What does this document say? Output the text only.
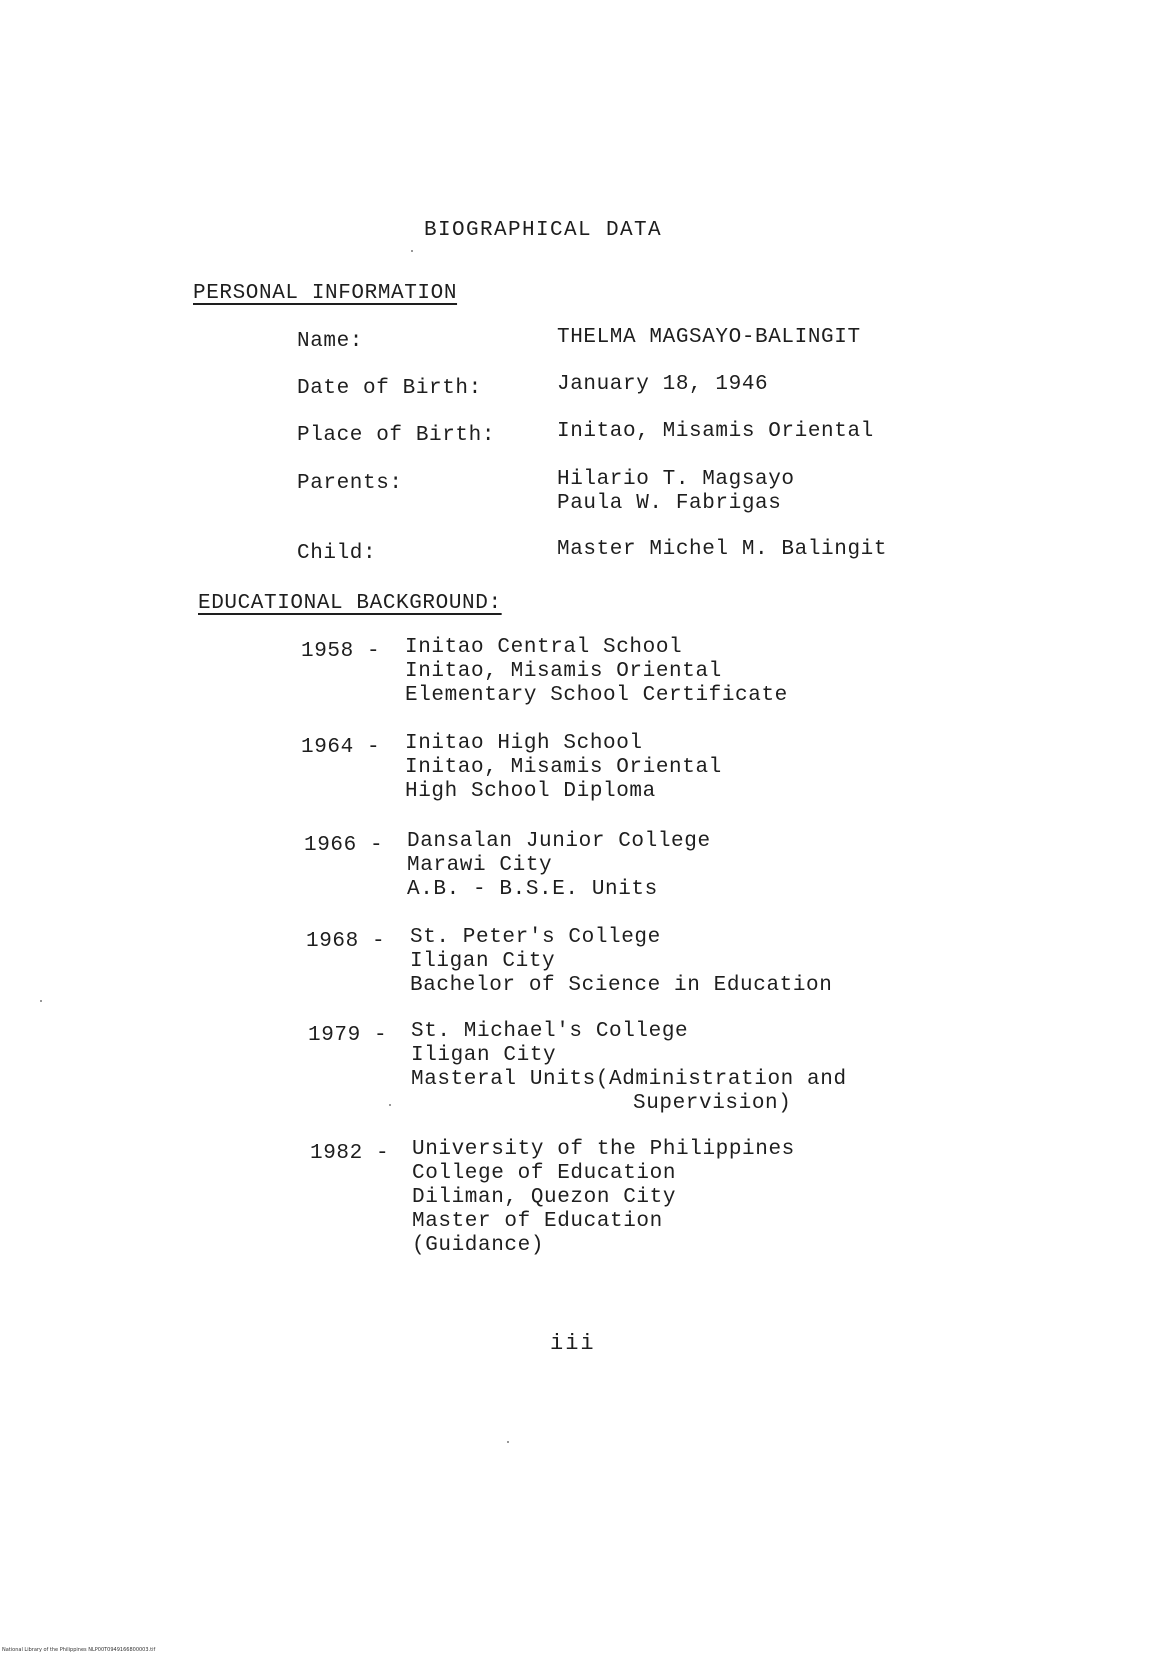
BIOGRAPHICAL DATA
PERSONAL INFORMATION
Name:	THELMA MAGSAYO-BALINGIT
Date of Birth:	January 18, 1946
Place of Birth:	Initao, Misamis Oriental
Parents:	Hilario T. Magsayo
Paula W. Fabrigas
Child:	Master Michel M. Balingit
EDUCATIONAL BACKGROUND:
1958 - Initao Central School
Initao, Misamis Oriental
Elementary School Certificate
1964 - Initao High School
Initao, Misamis Oriental
High School Diploma
1966 - Dansalan Junior College
Marawi City
A.B. - B.S.E. Units
1968 - St. Peter's College
Iligan City
Bachelor of Science in Education
1979 - St. Michael's College
Iligan City
Masteral Units(Administration and
Supervision)
1982 - University of the Philippines
College of Education
Diliman, Quezon City
Master of Education
(Guidance)
iii
National Library of the Philippines NLP00T0949166800003.tif
